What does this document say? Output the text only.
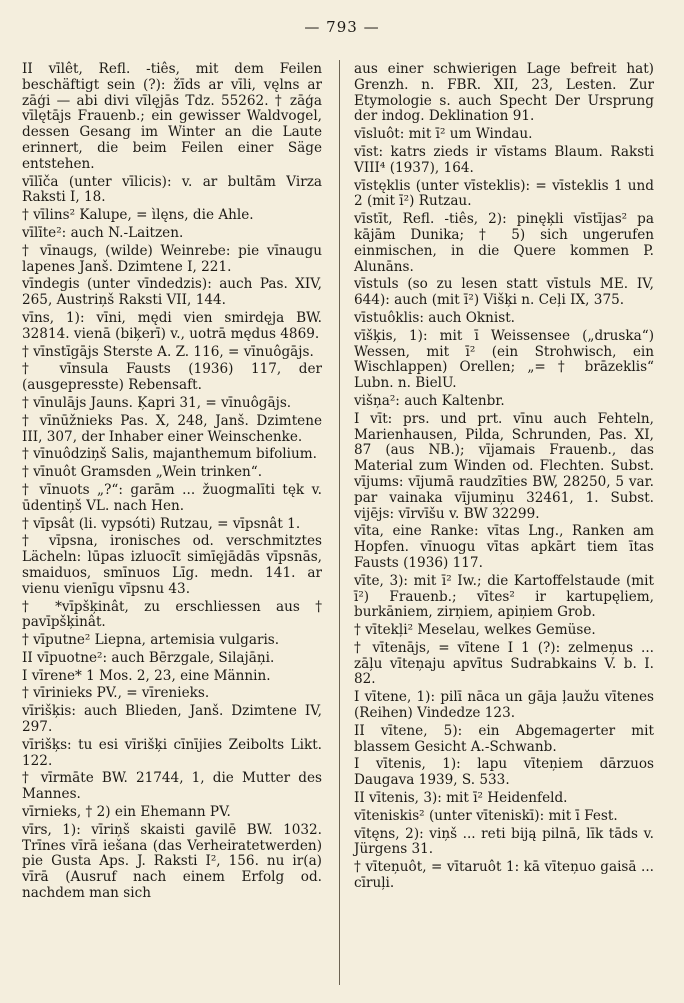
— 793 —

II vīlêt, Refl. -tiês, mit dem Feilen beschäftigt sein (?): žīds ar vīli, vęlns ar zāģi — abi divi vīlęjās Tdz. 55262. † zāģa vīlętājs Frauenb.; ein gewisser Waldvogel, dessen Gesang im Winter an die Laute erinnert, die beim Feilen einer Säge entstehen.

vīlīča (unter vīlicis): v. ar bultām Virza Raksti I, 18.

† vīlins² Kalupe, = ìlęns, die Ahle.

vīlīte²: auch N.-Laitzen.

† vīnaugs, (wilde) Weinrebe: pie vīnaugu lapenes Janš. Dzimtene I, 221.

vīndegis (unter vīndedzis): auch Pas. XIV, 265, Austriņš Raksti VII, 144.

vīns, 1): vīni, mędi vien smirdęja BW. 32814. vienā (biķerī) v., uotrā mędus 4869.

† vīnstīgājs Sterste A. Z. 116, = vīnuôgājs.

† vīnsula Fausts (1936) 117, der (ausgepresste) Rebensaft.

† vīnulājs Jauns. Ķapri 31, = vīnuôgājs.

† vīnūžnieks Pas. X, 248, Janš. Dzimtene III, 307, der Inhaber einer Weinschenke.

† vīnuôdziņš Salis, majanthemum bifolium.

† vīnuôt Gramsden „Wein trinken“.

† vīnuots „?“: garām ... žuogmalīti tęk v. ūdentiņš VL. nach Hen.

† vīpsât (li. vypsóti) Rutzau, = vīpsnât 1.

† vīpsna, ironisches od. verschmitztes Lächeln: lūpas izluocīt simīęjādās vīpsnās, smaiduos, smīnuos Līg. medn. 141. ar vienu vienīgu vīpsnu 43.

† *vīpšķinât, zu erschliessen aus † pavīpšķinât.

† vīputne² Liepna, artemisia vulgaris.

II vīpuotne²: auch Bērzgale, Silajāņi.

I vīrene* 1 Mos. 2, 23, eine Männin.

† vīrinieks PV., = vīrenieks.

vīrišķis: auch Blieden, Janš. Dzimtene IV, 297.

vīrišķs: tu esi vīrišķi cīnījies Zeibolts Likt. 122.

† vīrmāte BW. 21744, 1, die Mutter des Mannes.

vīrnieks, † 2) ein Ehemann PV.

vīrs, 1): vīriņš skaisti gavilē BW. 1032. Trīnes vīrā iešana (das Verheiratetwerden) pie Gusta Aps. J. Raksti I², 156. nu ir(a) vīrā (Ausruf nach einem Erfolg od. nachdem man sich

aus einer schwierigen Lage befreit hat) Grenzh. n. FBR. XII, 23, Lesten. Zur Etymologie s. auch Specht Der Ursprung der indog. Deklination 91.

vīsluôt: mit ī² um Windau.

vīst: katrs zieds ir vīstams Blaum. Raksti VIII⁴ (1937), 164.

vīstęklis (unter vīsteklis): = vīsteklis 1 und 2 (mit ī²) Rutzau.

vīstīt, Refl. -tiês, 2): pinęķli vīstījas² pa kājām Dunika; † 5) sich ungerufen einmischen, in die Quere kommen P. Alunāns.

vīstuls (so zu lesen statt vīstuls ME. IV, 644): auch (mit ī²) Višķi n. Ceļi IX, 375.

vīstuôklis: auch Oknist.

vīšķis, 1): mit ī Weissensee („druska“) Wessen, mit ī² (ein Strohwisch, ein Wischlappen) Orellen; „= † brāzeklis“ Lubn. n. BielU.

višņa²: auch Kaltenbr.

I vīt: prs. und prt. vīnu auch Fehteln, Marienhausen, Pilda, Schrunden, Pas. XI, 87 (aus NB.); vījamais Frauenb., das Material zum Winden od. Flechten. Subst. vījums: vījumā raudzīties BW, 28250, 5 var. par vainaka vījumiņu 32461, 1. Subst. vijējs: vīrvīšu v. BW 32299.

vīta, eine Ranke: vītas Lng., Ranken am Hopfen. vīnuogu vītas apkārt tiem ītas Fausts (1936) 117.

vīte, 3): mit ī² Iw.; die Kartoffelstaude (mit ī²) Frauenb.; vītes² ir kartupęliem, burkāniem, zirņiem, apiņiem Grob.

† vītekļi² Meselau, welkes Gemüse.

† vītenājs, = vītene I 1 (?): zelmeņus ... zāļu vīteņaju apvītus Sudrabkains V. b. I. 82.

I vītene, 1): pilī nāca un gāja ļaužu vītenes (Reihen) Vindedze 123.

II vītene, 5): ein Abgemagerter mit blassem Gesicht A.-Schwanb.

I vītenis, 1): lapu vīteņiem dārzuos Daugava 1939, S. 533.

II vītenis, 3): mit ī² Heidenfeld.

vīteniskis² (unter vīteniskī): mit ī Fest.

vītęns, 2): viņš ... reti biją pilnā, līk tāds v. Jürgens 31.

† vīteņuôt, = vītaruôt 1: kā vīteņuo gaisā ... cīruļi.
